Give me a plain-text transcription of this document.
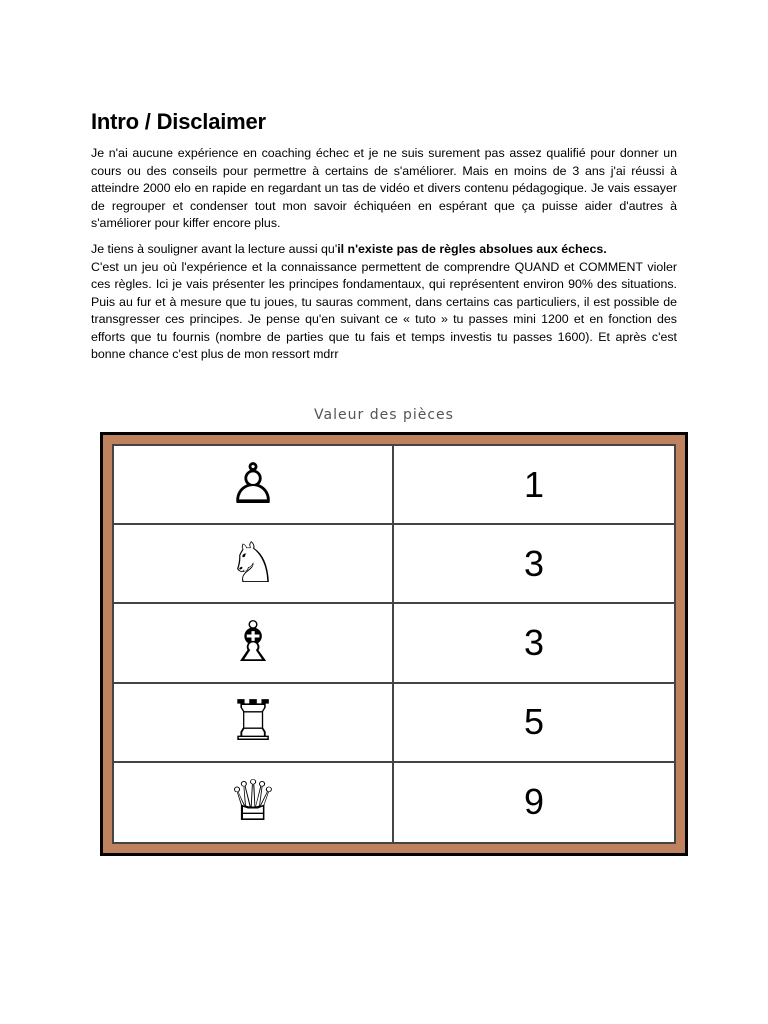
Intro / Disclaimer

Je n'ai aucune expérience en coaching échec et je ne suis surement pas assez qualifié pour donner un cours ou des conseils pour permettre à certains de s'améliorer. Mais en moins de 3 ans j'ai réussi à atteindre 2000 elo en rapide en regardant un tas de vidéo et divers contenu pédagogique. Je vais essayer de regrouper et condenser tout mon savoir échiquéen en espérant que ça puisse aider d'autres à s'améliorer pour kiffer encore plus.

Je tiens à souligner avant la lecture aussi qu'il n'existe pas de règles absolues aux échecs.
C'est un jeu où l'expérience et la connaissance permettent de comprendre QUAND et COMMENT violer ces règles. Ici je vais présenter les principes fondamentaux, qui représentent environ 90% des situations. Puis au fur et à mesure que tu joues, tu sauras comment, dans certains cas particuliers, il est possible de transgresser ces principes. Je pense qu'en suivant ce « tuto » tu passes mini 1200 et en fonction des efforts que tu fournis (nombre de parties que tu fais et temps investis tu passes 1600). Et après c'est bonne chance c'est plus de mon ressort mdrr

Valeur des pièces
♙	1
♘	3
♗	3
♖	5
♕	9
